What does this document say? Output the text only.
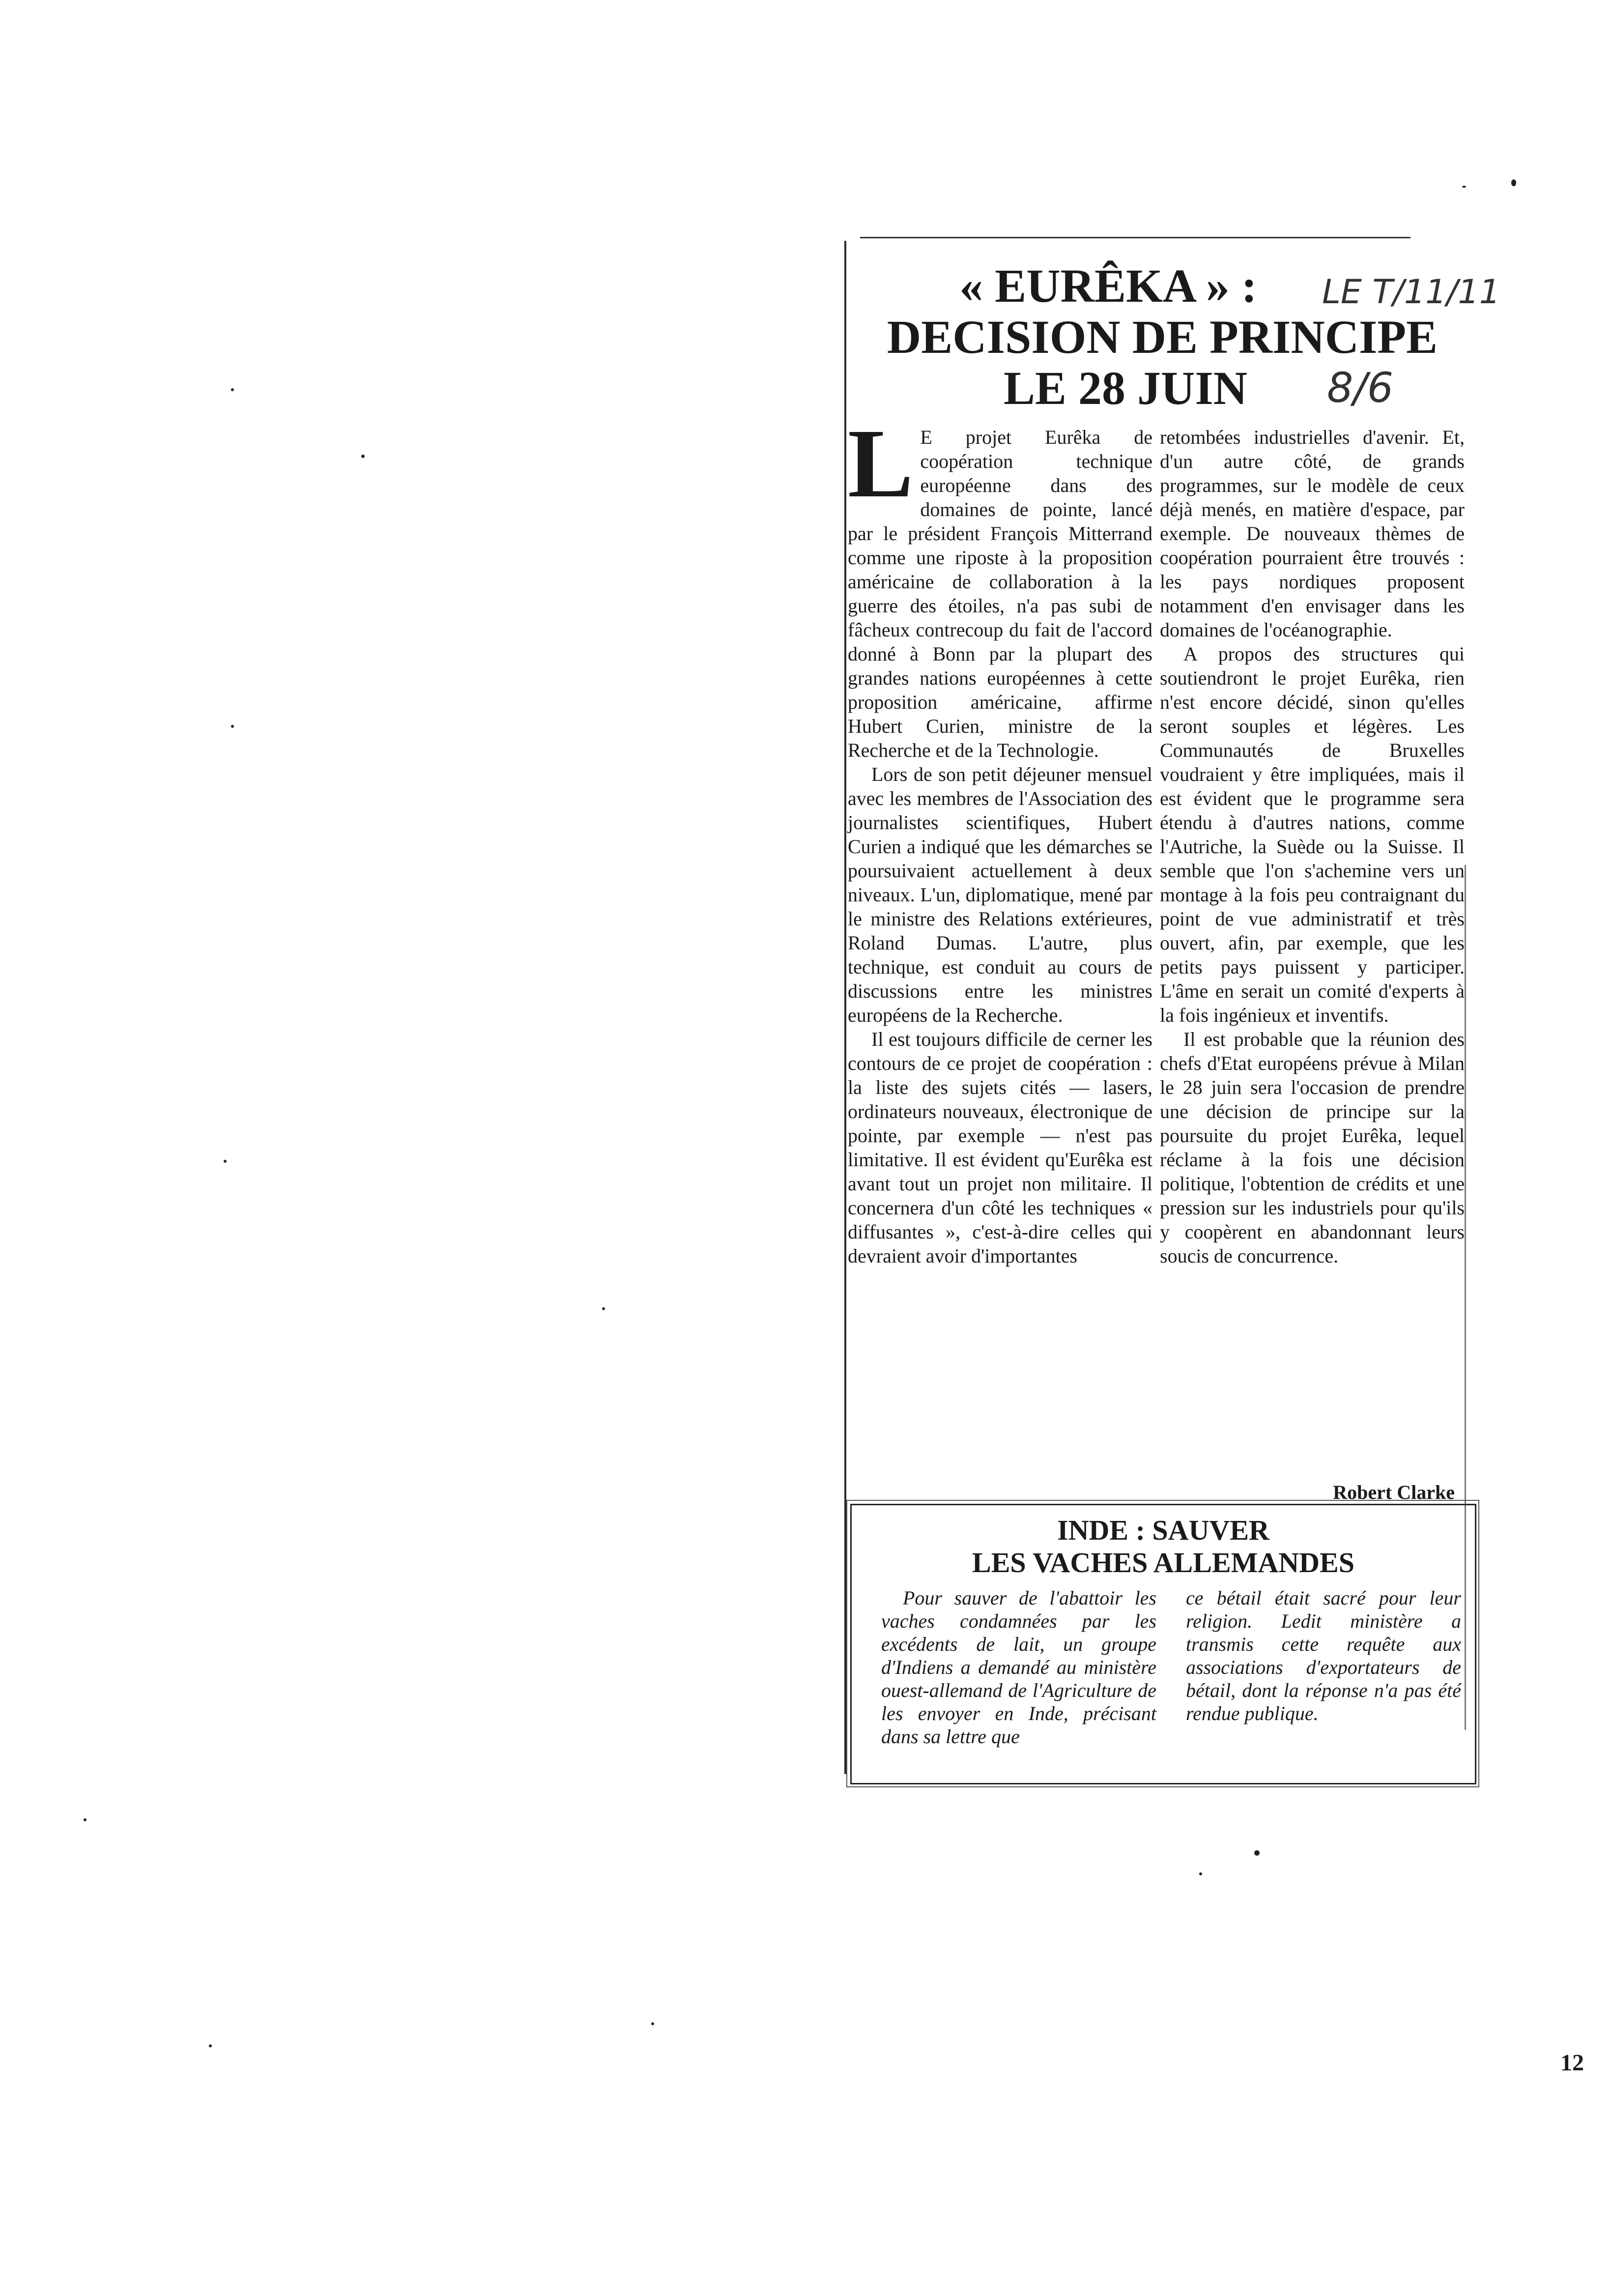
« EURÊKA » :
DECISION DE PRINCIPE
LE 28 JUIN
LE T/11/11
8/6

L E projet Eurêka de coopération technique européenne dans des domaines de pointe, lancé par le président François Mitterrand comme une riposte à la proposition américaine de collaboration à la guerre des étoiles, n'a pas subi de fâcheux contrecoup du fait de l'accord donné à Bonn par la plupart des grandes nations européennes à cette proposition américaine, affirme Hubert Curien, ministre de la Recherche et de la Technologie.

Lors de son petit déjeuner mensuel avec les membres de l'Association des journalistes scientifiques, Hubert Curien a indiqué que les démarches se poursuivaient actuellement à deux niveaux. L'un, diplomatique, mené par le ministre des Relations extérieures, Roland Dumas. L'autre, plus technique, est conduit au cours de discussions entre les ministres européens de la Recherche.

Il est toujours difficile de cerner les contours de ce projet de coopération : la liste des sujets cités — lasers, ordinateurs nouveaux, électronique de pointe, par exemple — n'est pas limitative. Il est évident qu'Eurêka est avant tout un projet non militaire. Il concernera d'un côté les techniques « diffusantes », c'est-à-dire celles qui devraient avoir d'importantes

retombées industrielles d'avenir. Et, d'un autre côté, de grands programmes, sur le modèle de ceux déjà menés, en matière d'espace, par exemple. De nouveaux thèmes de coopération pourraient être trouvés : les pays nordiques proposent notamment d'en envisager dans les domaines de l'océanographie.

A propos des structures qui soutiendront le projet Eurêka, rien n'est encore décidé, sinon qu'elles seront souples et légères. Les Communautés de Bruxelles voudraient y être impliquées, mais il est évident que le programme sera étendu à d'autres nations, comme l'Autriche, la Suède ou la Suisse. Il semble que l'on s'achemine vers un montage à la fois peu contraignant du point de vue administratif et très ouvert, afin, par exemple, que les petits pays puissent y participer. L'âme en serait un comité d'experts à la fois ingénieux et inventifs.

Il est probable que la réunion des chefs d'Etat européens prévue à Milan le 28 juin sera l'occasion de prendre une décision de principe sur la poursuite du projet Eurêka, lequel réclame à la fois une décision politique, l'obtention de crédits et une pression sur les industriels pour qu'ils y coopèrent en abandonnant leurs soucis de concurrence.

Robert Clarke
INDE : SAUVER
LES VACHES ALLEMANDES

Pour sauver de l'abattoir les vaches condamnées par les excédents de lait, un groupe d'Indiens a demandé au ministère ouest-allemand de l'Agriculture de les envoyer en Inde, précisant dans sa lettre que

ce bétail était sacré pour leur religion. Ledit ministère a transmis cette requête aux associations d'exportateurs de bétail, dont la réponse n'a pas été rendue publique.

12
